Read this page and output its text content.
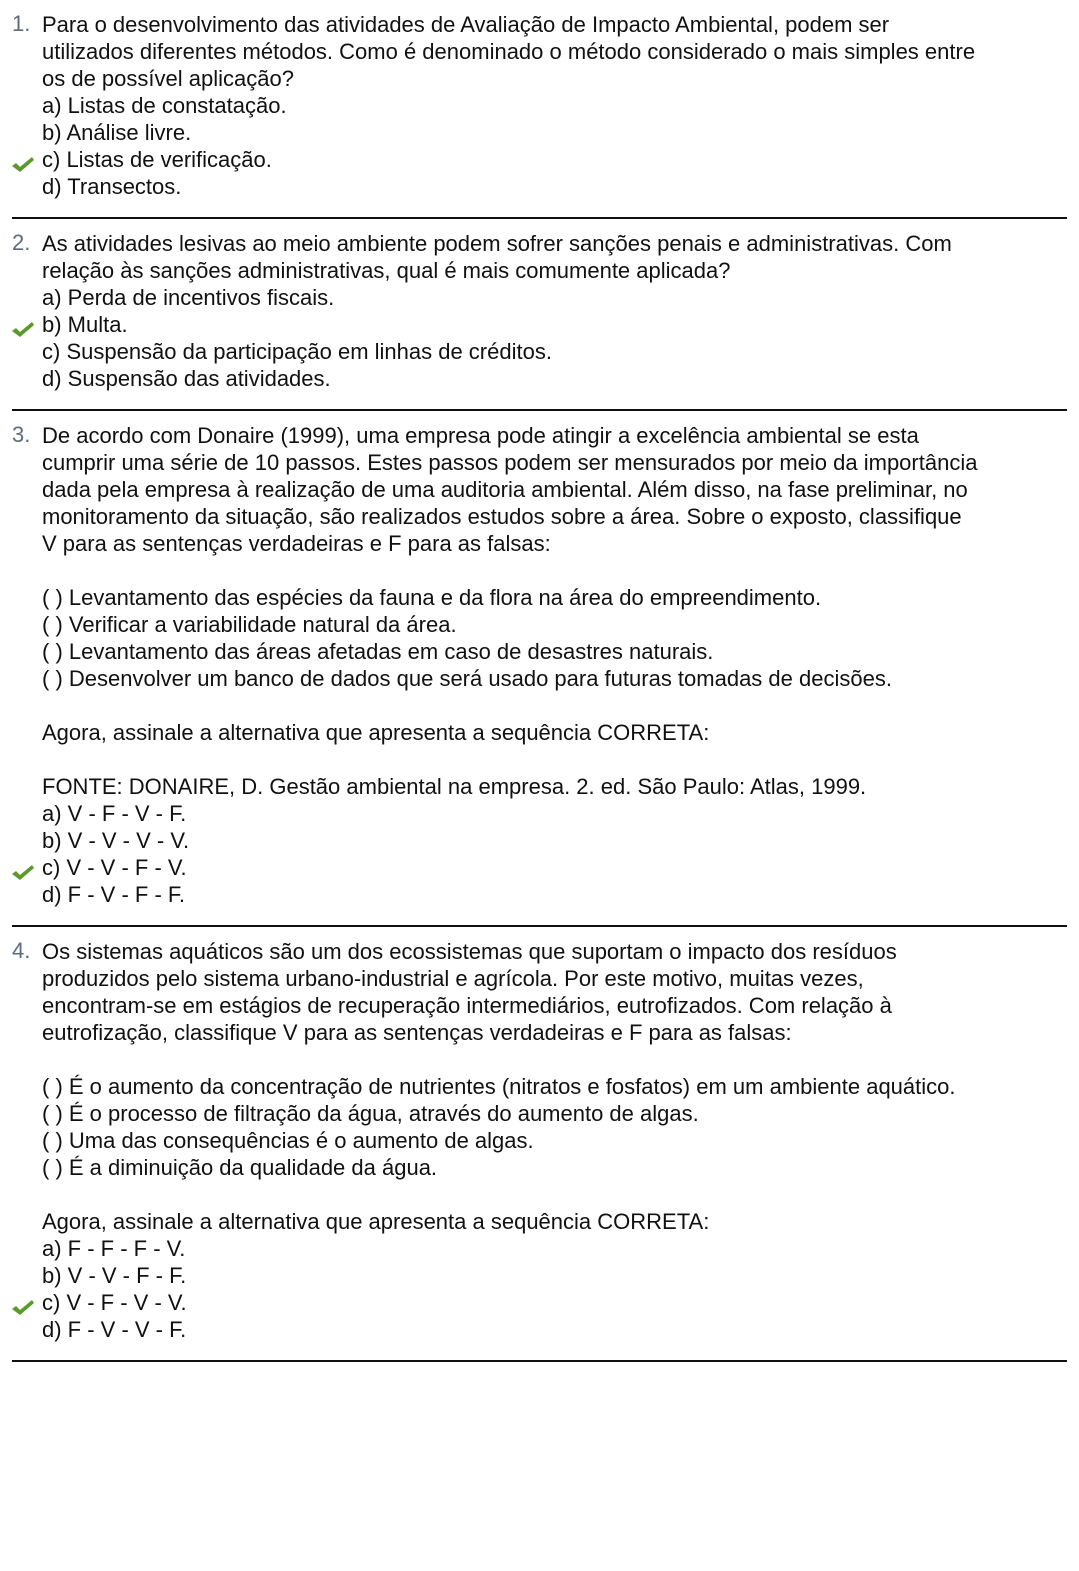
1. Para o desenvolvimento das atividades de Avaliação de Impacto Ambiental, podem ser
utilizados diferentes métodos. Como é denominado o método considerado o mais simples entre
os de possível aplicação?
a) Listas de constatação.
b) Análise livre.
c) Listas de verificação.
d) Transectos.
2. As atividades lesivas ao meio ambiente podem sofrer sanções penais e administrativas. Com
relação às sanções administrativas, qual é mais comumente aplicada?
a) Perda de incentivos fiscais.
b) Multa.
c) Suspensão da participação em linhas de créditos.
d) Suspensão das atividades.
3. De acordo com Donaire (1999), uma empresa pode atingir a excelência ambiental se esta
cumprir uma série de 10 passos. Estes passos podem ser mensurados por meio da importância
dada pela empresa à realização de uma auditoria ambiental. Além disso, na fase preliminar, no
monitoramento da situação, são realizados estudos sobre a área. Sobre o exposto, classifique
V para as sentenças verdadeiras e F para as falsas:
( ) Levantamento das espécies da fauna e da flora na área do empreendimento.
( ) Verificar a variabilidade natural da área.
( ) Levantamento das áreas afetadas em caso de desastres naturais.
( ) Desenvolver um banco de dados que será usado para futuras tomadas de decisões.
Agora, assinale a alternativa que apresenta a sequência CORRETA:
FONTE: DONAIRE, D. Gestão ambiental na empresa. 2. ed. São Paulo: Atlas, 1999.
a) V - F - V - F.
b) V - V - V - V.
c) V - V - F - V.
d) F - V - F - F.
4. Os sistemas aquáticos são um dos ecossistemas que suportam o impacto dos resíduos
produzidos pelo sistema urbano-industrial e agrícola. Por este motivo, muitas vezes,
encontram-se em estágios de recuperação intermediários, eutrofizados. Com relação à
eutrofização, classifique V para as sentenças verdadeiras e F para as falsas:
( ) É o aumento da concentração de nutrientes (nitratos e fosfatos) em um ambiente aquático.
( ) É o processo de filtração da água, através do aumento de algas.
( ) Uma das consequências é o aumento de algas.
( ) É a diminuição da qualidade da água.
Agora, assinale a alternativa que apresenta a sequência CORRETA:
a) F - F - F - V.
b) V - V - F - F.
c) V - F - V - V.
d) F - V - V - F.
